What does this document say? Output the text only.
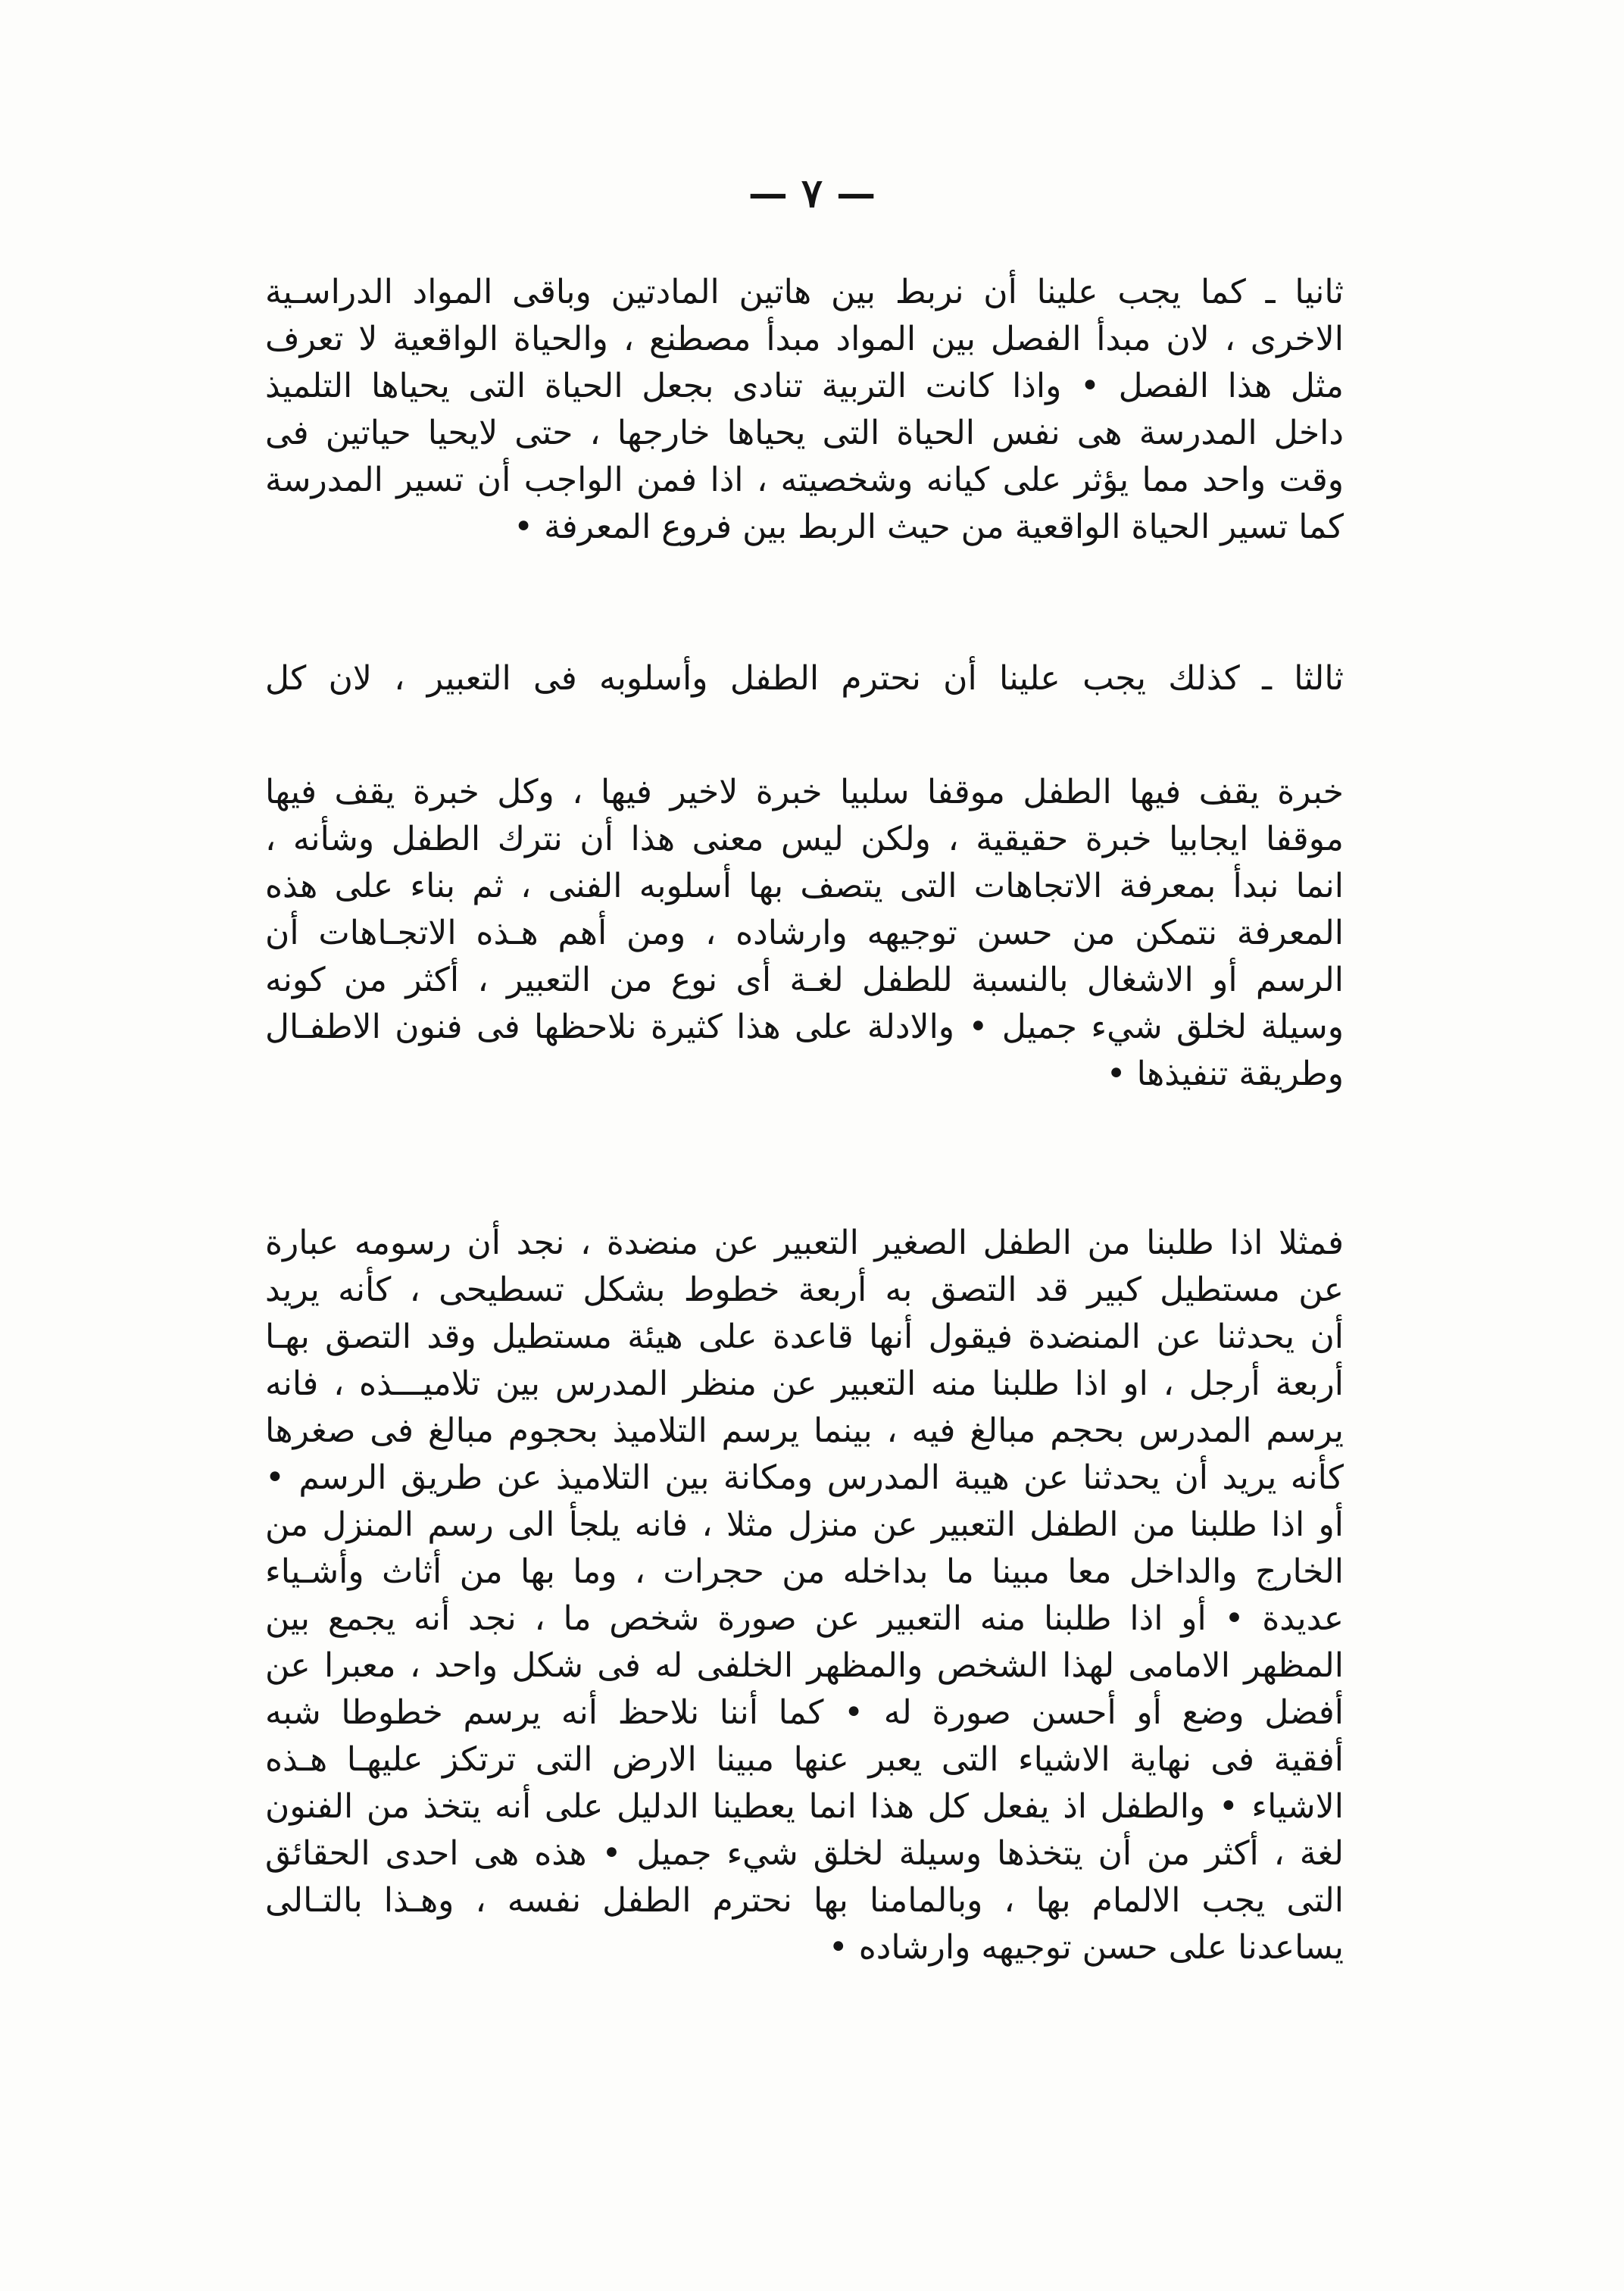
— ٧ —
ثانيا ـ كما يجب علينا أن نربط بين هاتين المادتين وباقى المواد الدراسـية
الاخرى ، لان مبدأ الفصل بين المواد مبدأ مصطنع ، والحياة الواقعية لا تعرف
مثل هذا الفصل • واذا كانت التربية تنادى بجعل الحياة التى يحياها التلميذ
داخل المدرسة هى نفس الحياة التى يحياها خارجها ، حتى لايحيا حياتين فى
وقت واحد مما يؤثر على كيانه وشخصيته ، اذا فمن الواجب أن تسير المدرسة
كما تسير الحياة الواقعية من حيث الربط بين فروع المعرفة •
ثالثا ـ كذلك يجب علينا أن نحترم الطفل وأسلوبه فى التعبير ، لان كل
خبرة يقف فيها الطفل موقفا سلبيا خبرة لاخير فيها ، وكل خبرة يقف فيها
موقفا ايجابيا خبرة حقيقية ، ولكن ليس معنى هذا أن نترك الطفل وشأنه ،
انما نبدأ بمعرفة الاتجاهات التى يتصف بها أسلوبه الفنى ، ثم بناء على هذه
المعرفة نتمكن من حسن توجيهه وارشاده ، ومن أهم هـذه الاتجـاهات أن
الرسم أو الاشغال بالنسبة للطفل لغـة أى نوع من التعبير ، أكثر من كونه
وسيلة لخلق شيء جميل • والادلة على هذا كثيرة نلاحظها فى فنون الاطفـال
وطريقة تنفيذها •
فمثلا اذا طلبنا من الطفل الصغير التعبير عن منضدة ، نجد أن رسومه عبارة
عن مستطيل كبير قد التصق به أربعة خطوط بشكل تسطيحى ، كأنه يريد
أن يحدثنا عن المنضدة فيقول أنها قاعدة على هيئة مستطيل وقد التصق بهـا
أربعة أرجل ، او اذا طلبنا منه التعبير عن منظر المدرس بين تلاميـــذه ، فانه
يرسم المدرس بحجم مبالغ فيه ، بينما يرسم التلاميذ بحجوم مبالغ فى صغرها
كأنه يريد أن يحدثنا عن هيبة المدرس ومكانة بين التلاميذ عن طريق الرسم •
أو اذا طلبنا من الطفل التعبير عن منزل مثلا ، فانه يلجأ الى رسم المنزل من
الخارج والداخل معا مبينا ما بداخله من حجرات ، وما بها من أثاث وأشـياء
عديدة • أو اذا طلبنا منه التعبير عن صورة شخص ما ، نجد أنه يجمع بين
المظهر الامامى لهذا الشخص والمظهر الخلفى له فى شكل واحد ، معبرا عن
أفضل وضع أو أحسن صورة له • كما أننا نلاحظ أنه يرسم خطوطا شبه
أفقية فى نهاية الاشياء التى يعبر عنها مبينا الارض التى ترتكز عليهـا هـذه
الاشياء • والطفل اذ يفعل كل هذا انما يعطينا الدليل على أنه يتخذ من الفنون
لغة ، أكثر من أن يتخذها وسيلة لخلق شيء جميل • هذه هى احدى الحقائق
التى يجب الالمام بها ، وبالمامنا بها نحترم الطفل نفسه ، وهـذا بالتـالى
يساعدنا على حسن توجيهه وارشاده •
